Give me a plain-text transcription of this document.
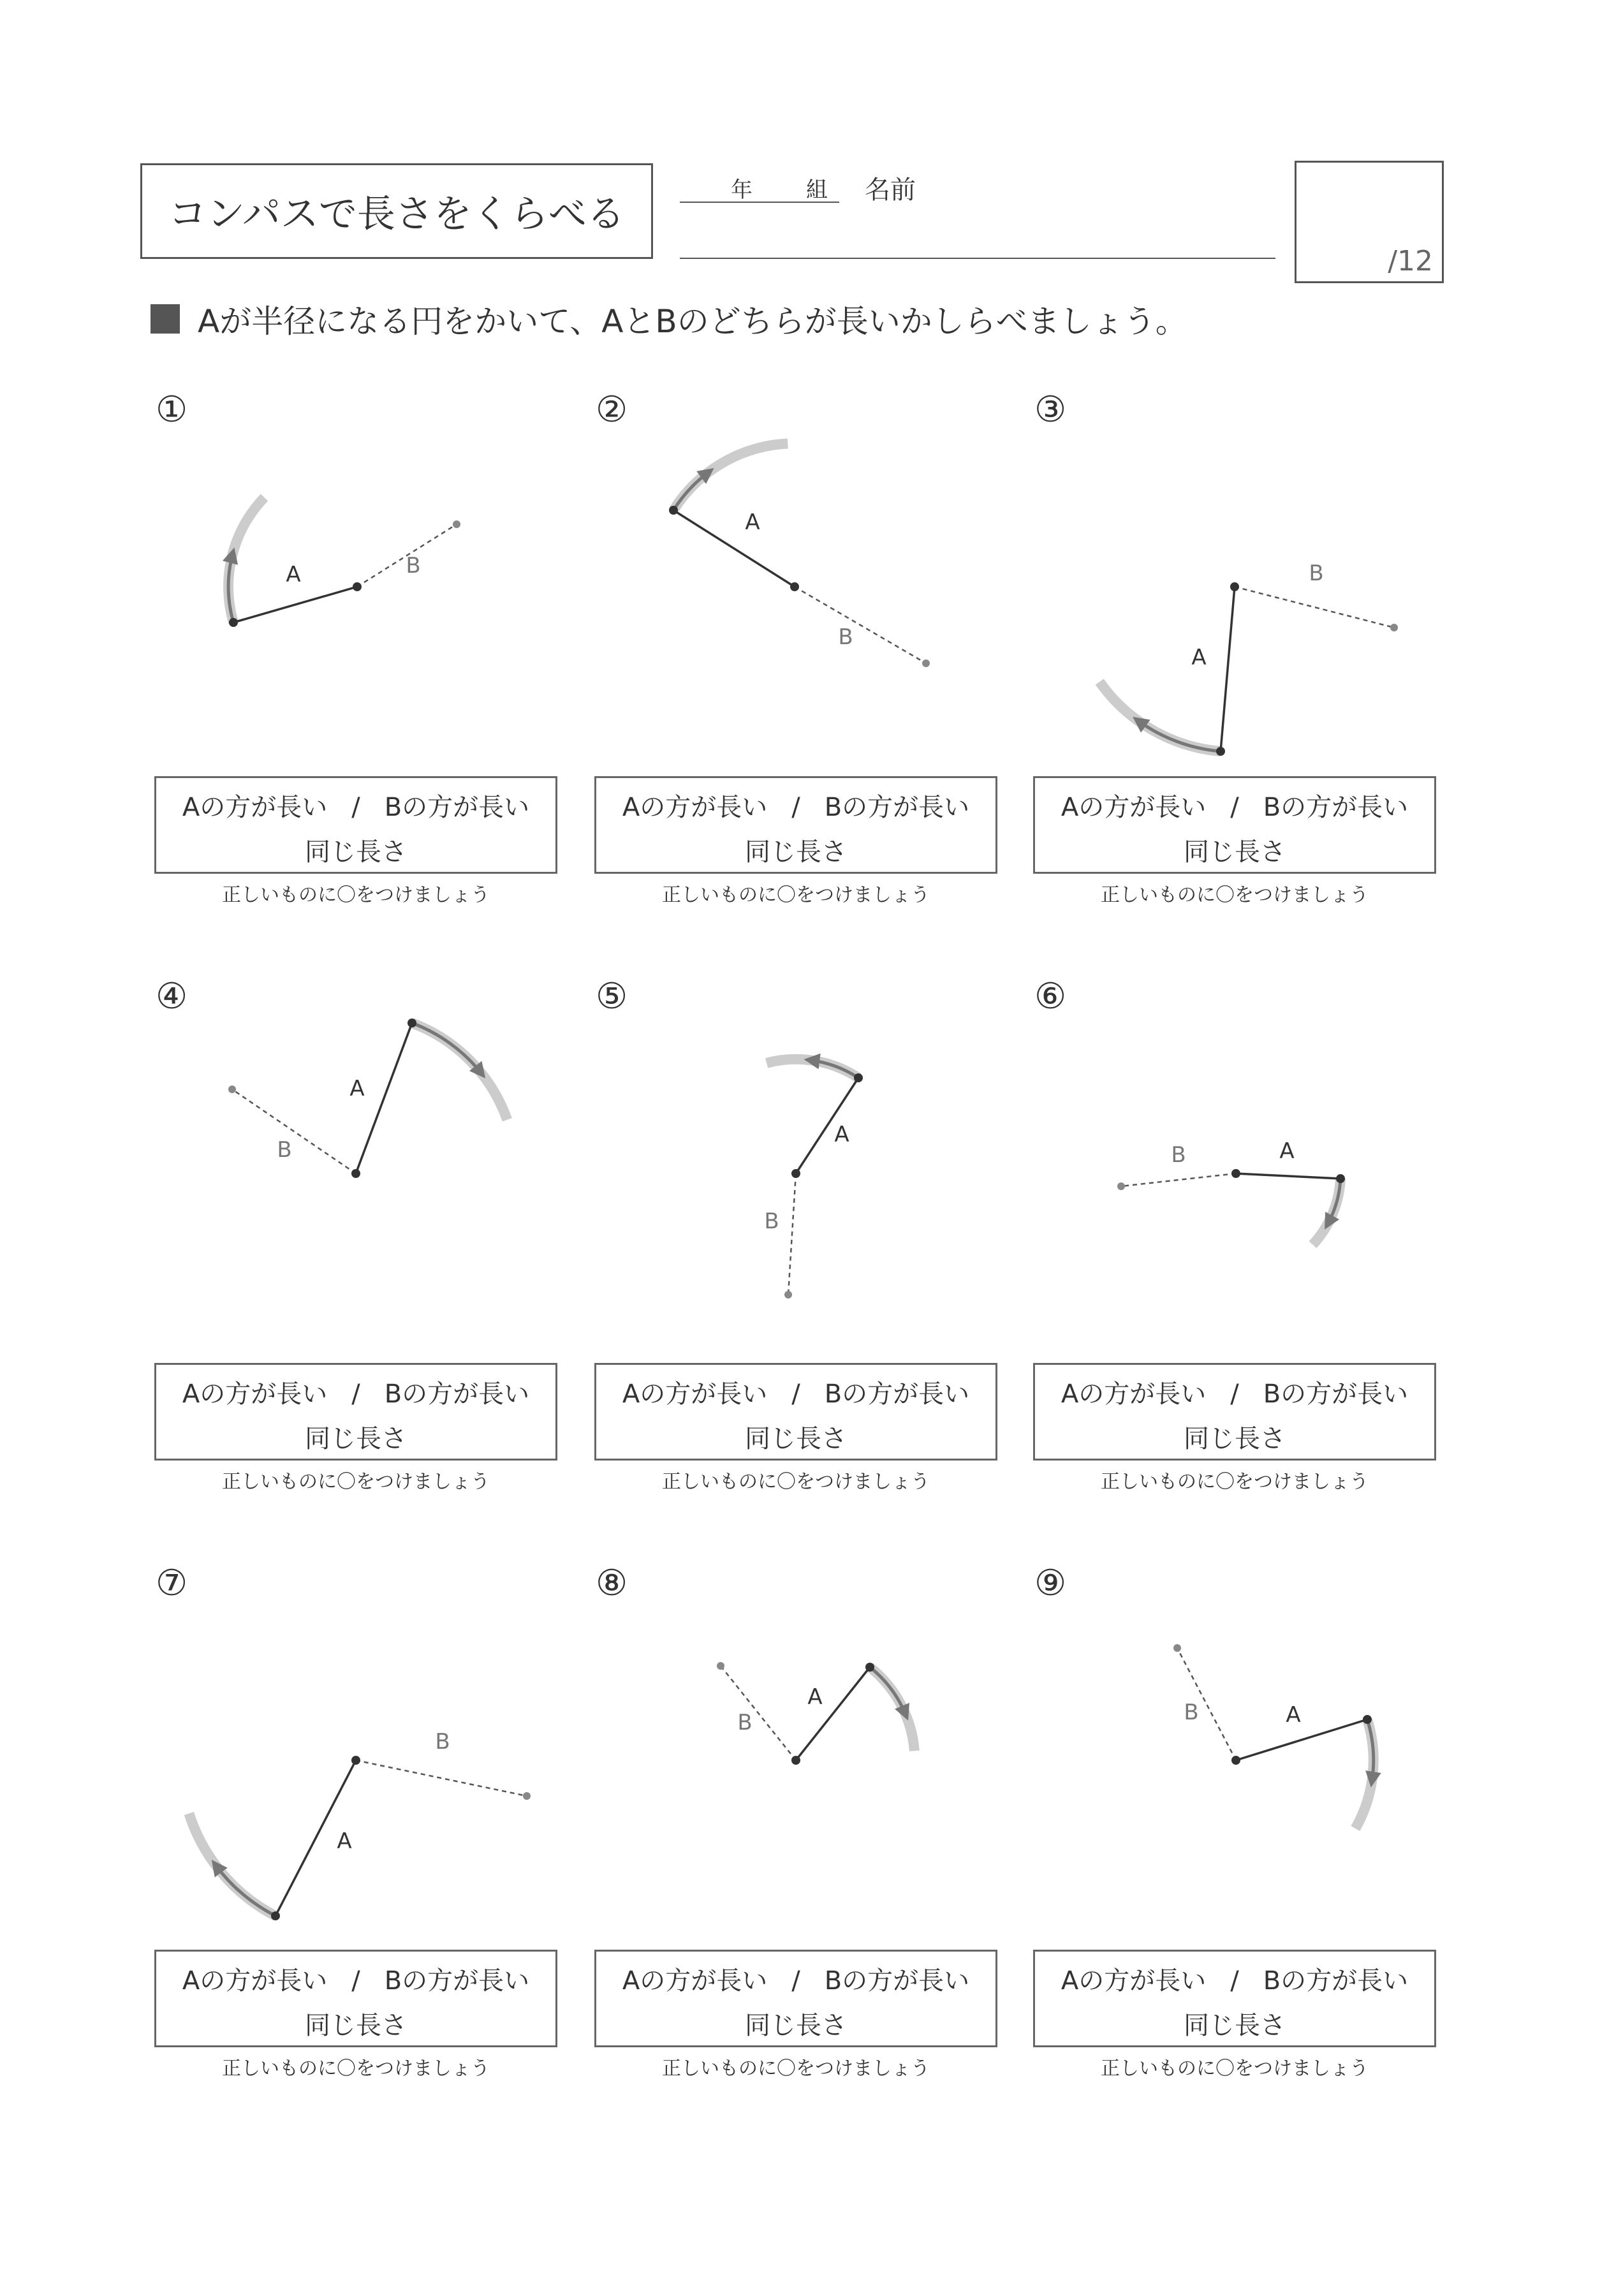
コンパスで長さをくらべる
年 組 名前
/12
Aが半径になる円をかいて、AとBのどちらが長いかしらべましょう。
A	B
①
Aの方が長い / Bの方が長い
同じ長さ
正しいものに〇をつけましょう
A
B
②
Aの方が長い / Bの方が長い
同じ長さ
正しいものに〇をつけましょう
A
B
③
Aの方が長い / Bの方が長い
同じ長さ
正しいものに〇をつけましょう
A
B
④
Aの方が長い / Bの方が長い
同じ長さ
正しいものに〇をつけましょう
A
B
⑤
Aの方が長い / Bの方が長い
同じ長さ
正しいものに〇をつけましょう
A
B
⑥
Aの方が長い / Bの方が長い
同じ長さ
正しいものに〇をつけましょう
A
B
⑦
Aの方が長い / Bの方が長い
同じ長さ
正しいものに〇をつけましょう
A
B
⑧
Aの方が長い / Bの方が長い
同じ長さ
正しいものに〇をつけましょう
A
B
⑨
Aの方が長い / Bの方が長い
同じ長さ
正しいものに〇をつけましょう
